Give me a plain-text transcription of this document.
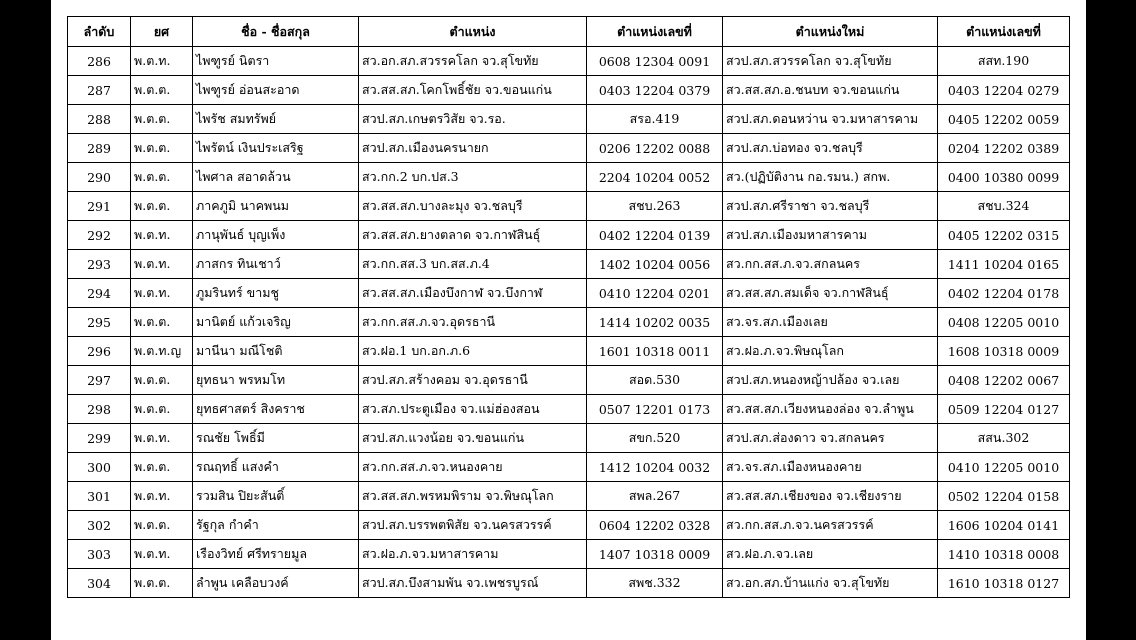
ลำดับ	ยศ	ชื่อ - ชื่อสกุล	ตำแหน่ง	ตำแหน่งเลขที่	ตำแหน่งใหม่	ตำแหน่งเลขที่
286	พ.ต.ท.	ไพฑูรย์ นิตรา	สว.อก.สภ.สวรรคโลก จว.สุโขทัย	0608 12304 0091	สวป.สภ.สวรรคโลก จว.สุโขทัย	สสท.190
287	พ.ต.ต.	ไพฑูรย์ อ่อนสะอาด	สว.สส.สภ.โคกโพธิ์ชัย จว.ขอนแก่น	0403 12204 0379	สว.สส.สภ.อ.ชนบท จว.ขอนแก่น	0403 12204 0279
288	พ.ต.ต.	ไพรัช สมทรัพย์	สวป.สภ.เกษตรวิสัย จว.รอ.	สรอ.419	สวป.สภ.ดอนหว่าน จว.มหาสารคาม	0405 12202 0059
289	พ.ต.ต.	ไพรัตน์ เงินประเสริฐ	สวป.สภ.เมืองนครนายก	0206 12202 0088	สวป.สภ.บ่อทอง จว.ชลบุรี	0204 12202 0389
290	พ.ต.ต.	ไพศาล สอาดล้วน	สว.กก.2 บก.ปส.3	2204 10204 0052	สว.(ปฏิบัติงาน กอ.รมน.) สกพ.	0400 10380 0099
291	พ.ต.ต.	ภาคภูมิ นาคพนม	สว.สส.สภ.บางละมุง จว.ชลบุรี	สชบ.263	สวป.สภ.ศรีราชา จว.ชลบุรี	สชบ.324
292	พ.ต.ท.	ภานุพันธ์ บุญเพ็ง	สว.สส.สภ.ยางตลาด จว.กาฬสินธุ์	0402 12204 0139	สวป.สภ.เมืองมหาสารคาม	0405 12202 0315
293	พ.ต.ท.	ภาสกร ทินเชาว์	สว.กก.สส.3 บก.สส.ภ.4	1402 10204 0056	สว.กก.สส.ภ.จว.สกลนคร	1411 10204 0165
294	พ.ต.ท.	ภูมรินทร์ ขามชู	สว.สส.สภ.เมืองบึงกาฬ จว.บึงกาฬ	0410 12204 0201	สว.สส.สภ.สมเด็จ จว.กาฬสินธุ์	0402 12204 0178
295	พ.ต.ต.	มานิตย์ แก้วเจริญ	สว.กก.สส.ภ.จว.อุดรธานี	1414 10202 0035	สว.จร.สภ.เมืองเลย	0408 12205 0010
296	พ.ต.ท.ญ	มานีนา มณีโชติ	สว.ฝอ.1 บก.อก.ภ.6	1601 10318 0011	สว.ฝอ.ภ.จว.พิษณุโลก	1608 10318 0009
297	พ.ต.ต.	ยุทธนา พรหมโท	สวป.สภ.สร้างคอม จว.อุดรธานี	สอด.530	สวป.สภ.หนองหญ้าปล้อง จว.เลย	0408 12202 0067
298	พ.ต.ต.	ยุทธศาสตร์ สิงคราช	สว.สภ.ประตูเมือง จว.แม่ฮ่องสอน	0507 12201 0173	สว.สส.สภ.เวียงหนองล่อง จว.ลำพูน	0509 12204 0127
299	พ.ต.ท.	รณชัย โพธิ์มี	สวป.สภ.แวงน้อย จว.ขอนแก่น	สขก.520	สวป.สภ.ส่องดาว จว.สกลนคร	สสน.302
300	พ.ต.ต.	รณฤทธิ์ แสงคำ	สว.กก.สส.ภ.จว.หนองคาย	1412 10204 0032	สว.จร.สภ.เมืองหนองคาย	0410 12205 0010
301	พ.ต.ท.	รวมสิน ปิยะสันติ์	สว.สส.สภ.พรหมพิราม จว.พิษณุโลก	สพล.267	สว.สส.สภ.เชียงของ จว.เชียงราย	0502 12204 0158
302	พ.ต.ต.	รัฐกุล กำคำ	สวป.สภ.บรรพตพิสัย จว.นครสวรรค์	0604 12202 0328	สว.กก.สส.ภ.จว.นครสวรรค์	1606 10204 0141
303	พ.ต.ท.	เรืองวิทย์ ศรีทรายมูล	สว.ฝอ.ภ.จว.มหาสารคาม	1407 10318 0009	สว.ฝอ.ภ.จว.เลย	1410 10318 0008
304	พ.ต.ต.	ลำพูน เคลือบวงค์	สวป.สภ.บึงสามพัน จว.เพชรบูรณ์	สพช.332	สว.อก.สภ.บ้านแก่ง จว.สุโขทัย	1610 10318 0127
